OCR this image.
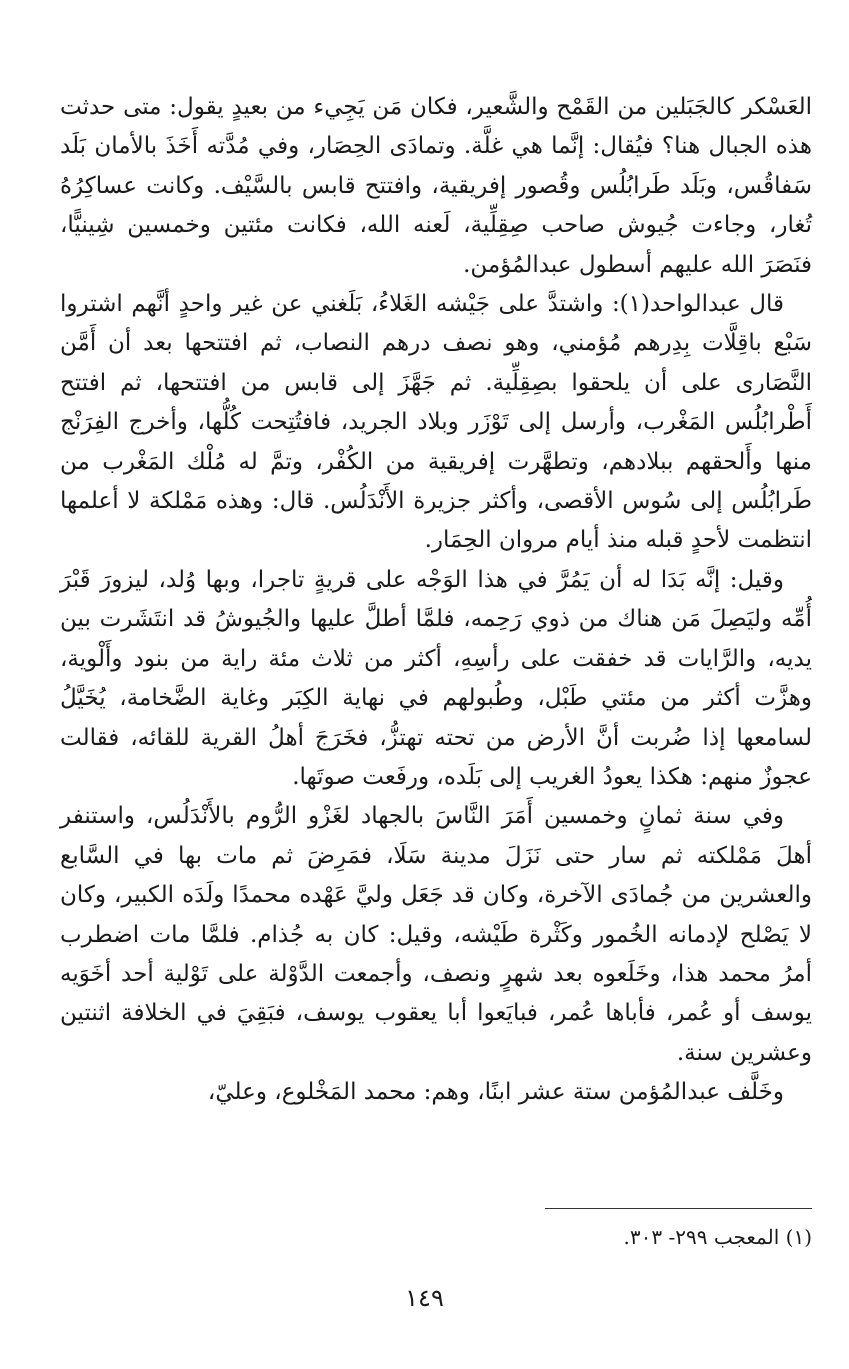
العَسْكر كالجَبَلين من القَمْح والشَّعير، فكان مَن يَجِيء من بعيدٍ يقول: متى حدثت هذه الجبال هنا؟ فيُقال: إنَّما هي غلَّة. وتمادَى الحِصَار، وفي مُدَّته أَخَذَ بالأمان بَلَد سَفاقُس، وبَلَد طَرابُلُس وقُصور إفريقية، وافتتح قابس بالسَّيْف. وكانت عساكِرُهُ تُغار، وجاءت جُيوش صاحب صِقِلِّية، لَعنه الله، فكانت مئتين وخمسين شِينيًّا، فنَصَرَ الله عليهم أسطول عبدالمُؤمن.

قال عبدالواحد(١): واشتدَّ على جَيْشه الغَلاءُ، بَلَغني عن غير واحدٍ أنَّهم اشتروا سَبْع باقِلَّات بِدِرهم مُؤمني، وهو نصف درهم النصاب، ثم افتتحها بعد أن أَمَّن النَّصَارى على أن يلحقوا بصِقِلِّية. ثم جَهَّزَ إلى قابس من افتتحها، ثم افتتح أَطْرابُلُس المَغْرب، وأرسل إلى تَوْزَر وبلاد الجريد، فافتُتِحت كُلُّها، وأخرج الفِرَنْج منها وأَلحقهم ببلادهم، وتطهَّرت إفريقية من الكُفْر، وتمَّ له مُلْك المَغْرب من طَرابُلُس إلى سُوس الأقصى، وأكثر جزيرة الأَنْدَلُس. قال: وهذه مَمْلكة لا أعلمها انتظمت لأحدٍ قبله منذ أيام مروان الحِمَار.

وقيل: إنَّه بَدَا له أن يَمُرَّ في هذا الوَجْه على قريةٍ تاجرا، وبها وُلد، ليزورَ قَبْرَ أُمِّه وليَصِلَ مَن هناك من ذوي رَحِمه، فلمَّا أطلَّ عليها والجُيوشُ قد انتَشَرت بين يديه، والرَّايات قد خفقت على رأسِهِ، أكثر من ثلاث مئة راية من بنود وأَلْوية، وهزَّت أكثر من مئتي طَبْل، وطُبولهم في نهاية الكِبَر وغاية الضَّخامة، يُخَيَّلُ لسامعها إذا ضُربت أنَّ الأرض من تحته تهتزُّ، فخَرَجَ أهلُ القرية للقائه، فقالت عجوزٌ منهم: هكذا يعودُ الغريب إلى بَلَده، ورفَعت صوتَها.

وفي سنة ثمانٍ وخمسين أَمَرَ النَّاسَ بالجهاد لغَزْو الرُّوم بالأَنْدَلُس، واستنفر أهلَ مَمْلكته ثم سار حتى نَزَلَ مدينة سَلَا، فمَرِضَ ثم مات بها في السَّابع والعشرين من جُمادَى الآخرة، وكان قد جَعَل وليَّ عَهْده محمدًا ولَدَه الكبير، وكان لا يَصْلح لإدمانه الخُمور وكَثْرة طَيْشه، وقيل: كان به جُذام. فلمَّا مات اضطرب أمرُ محمد هذا، وخَلَعوه بعد شهرٍ ونصف، وأجمعت الدَّوْلة على تَوْلية أحد أخَوَيه يوسف أو عُمر، فأباها عُمر، فبايَعوا أبا يعقوب يوسف، فبَقِيَ في الخلافة اثنتين وعشرين سنة.

وخَلَّف عبدالمُؤمن ستة عشر ابنًا، وهم: محمد المَخْلوع، وعليّ،

(١) المعجب ٢٩٩- ٣٠٣.
١٤٩
